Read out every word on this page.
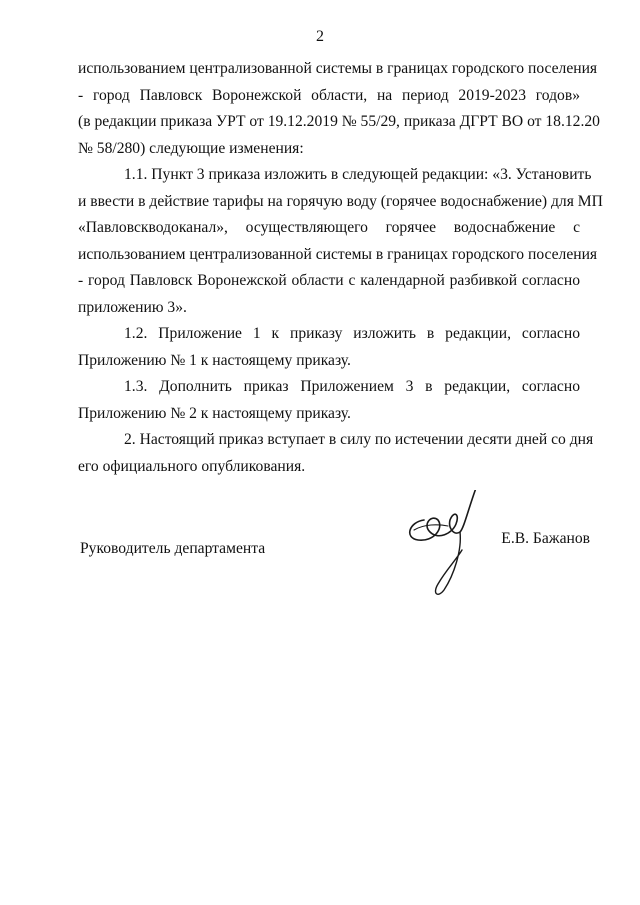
2
использованием централизованной системы в границах городского поселения
- город Павловск Воронежской области, на период 2019-2023 годов»
(в редакции приказа УРТ от 19.12.2019 № 55/29, приказа ДГРТ ВО от 18.12.20
№ 58/280) следующие изменения:
1.1. Пункт 3 приказа изложить в следующей редакции: «3. Установить
и ввести в действие тарифы на горячую воду (горячее водоснабжение) для МП
«Павловскводоканал», осуществляющего горячее водоснабжение с
использованием централизованной системы в границах городского поселения
- город Павловск Воронежской области с календарной разбивкой согласно
приложению 3».
1.2. Приложение 1 к приказу изложить в редакции, согласно
Приложению № 1 к настоящему приказу.
1.3. Дополнить приказ Приложением 3 в редакции, согласно
Приложению № 2 к настоящему приказу.
2. Настоящий приказ вступает в силу по истечении десяти дней со дня
его официального опубликования.
Руководитель департамента
Е.В. Бажанов
